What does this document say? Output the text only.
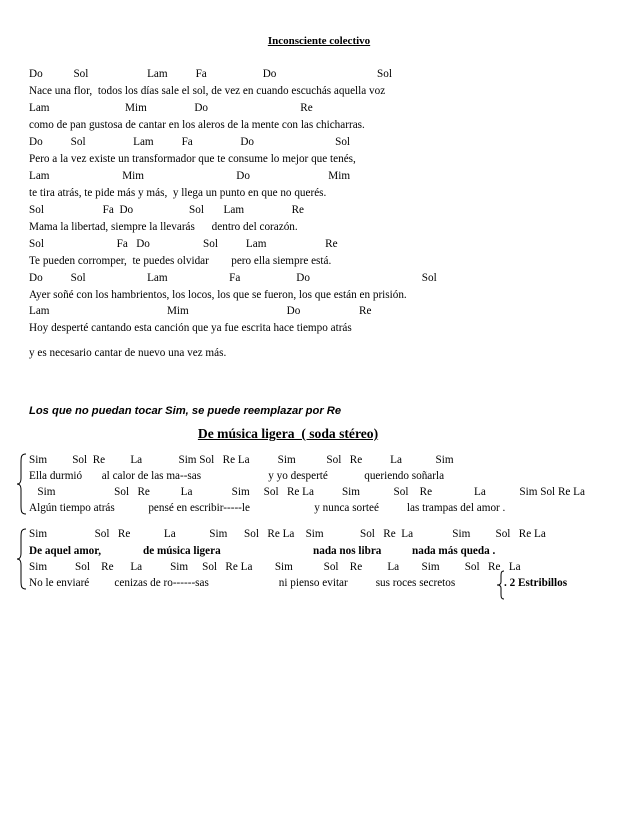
Inconsciente colectivo
Do           Sol                     Lam          Fa                    Do                                    Sol
Nace una flor,  todos los días sale el sol, de vez en cuando escuchás aquella voz
Lam                           Mim                 Do                                 Re
como de pan gustosa de cantar en los aleros de la mente con las chicharras.
Do          Sol                 Lam          Fa                 Do                             Sol
Pero a la vez existe un transformador que te consume lo mejor que tenés,
Lam                          Mim                                 Do                            Mim
te tira atrás, te pide más y más,  y llega un punto en que no querés.
Sol                     Fa  Do                    Sol       Lam                 Re
Mama la libertad, siempre la llevarás      dentro del corazón.
Sol                          Fa   Do                   Sol          Lam                     Re
Te pueden corromper,  te puedes olvidar        pero ella siempre está.
Do          Sol                      Lam                      Fa                    Do                                        Sol
Ayer soñé con los hambrientos, los locos, los que se fueron, los que están en prisión.
Lam                                          Mim                                   Do                     Re
Hoy desperté cantando esta canción que ya fue escrita hace tiempo atrás
y es necesario cantar de nuevo una vez más.
Los que no puedan tocar Sim, se puede reemplazar por Re
De música ligera  ( soda stéreo)
Sim         Sol  Re         La             Sim Sol   Re La          Sim           Sol   Re          La            Sim
Ella durmió       al calor de las ma--sas                        y yo desperté             queriendo soñarla
Sim                     Sol   Re           La              Sim     Sol   Re La          Sim            Sol    Re               La            Sim Sol Re La
Algún tiempo atrás            pensé en escribir-----le                       y nunca sorteé          las trampas del amor .
Sim                 Sol   Re            La            Sim      Sol   Re La    Sim             Sol   Re  La              Sim         Sol   Re La
De aquel amor,	de música ligera	nada nos libra	nada más queda .
Sim          Sol    Re      La          Sim     Sol   Re La        Sim           Sol    Re         La        Sim         Sol   Re   La
No le enviaré         cenizas de ro------sas                         ni pienso evitar          sus roces secretos	. 2 Estribillos
